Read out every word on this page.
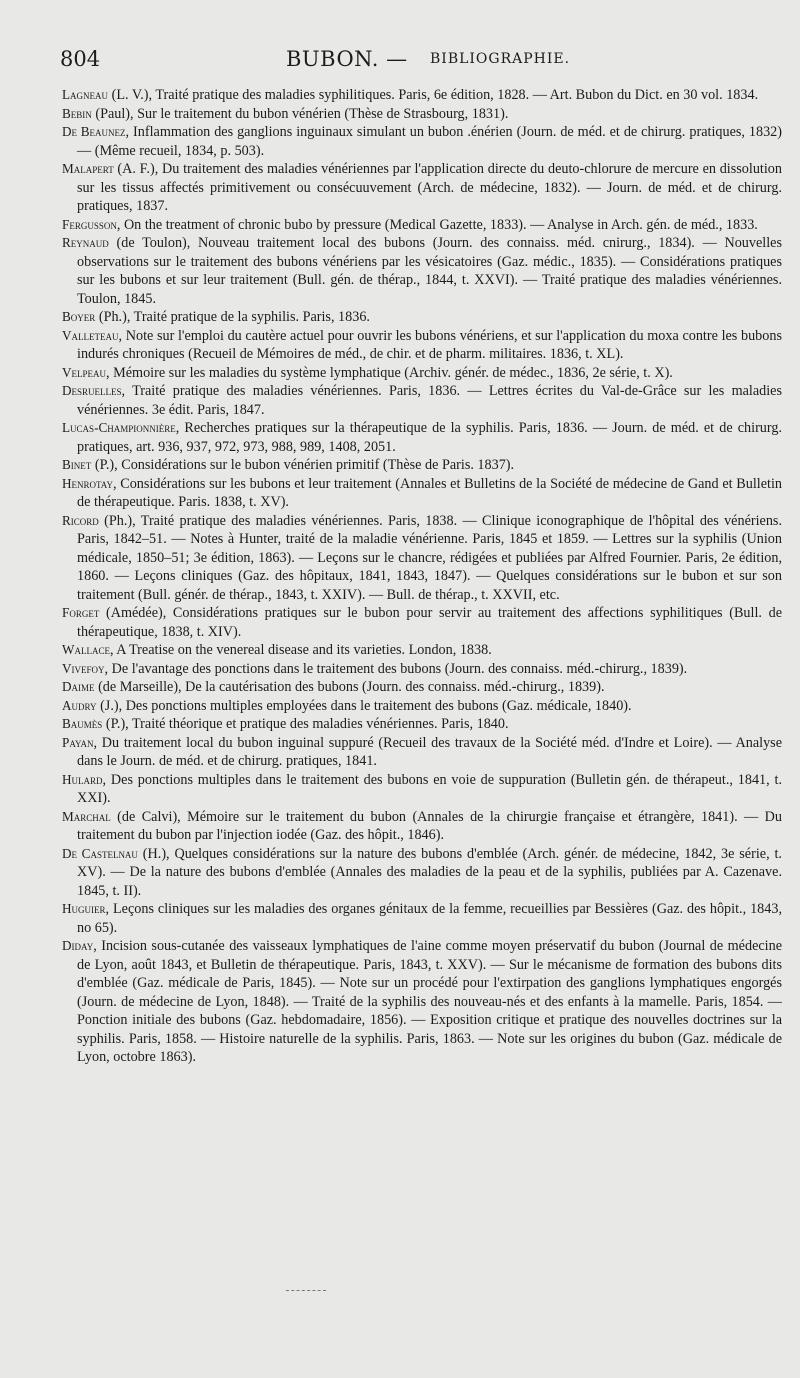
804	BUBON. — BIBLIOGRAPHIE.

Lagneau (L. V.), Traité pratique des maladies syphilitiques. Paris, 6e édition, 1828. — Art. Bubon du Dict. en 30 vol. 1834.

Bebin (Paul), Sur le traitement du bubon vénérien (Thèse de Strasbourg, 1831).

De Beaunez, Inflammation des ganglions inguinaux simulant un bubon .énérien (Journ. de méd. et de chirurg. pratiques, 1832) — (Même recueil, 1834, p. 503).

Malapert (A. F.), Du traitement des maladies vénériennes par l'application directe du deuto-chlorure de mercure en dissolution sur les tissus affectés primitivement ou consécuuvement (Arch. de médecine, 1832). — Journ. de méd. et de chirurg. pratiques, 1837.

Fergusson, On the treatment of chronic bubo by pressure (Medical Gazette, 1833). — Analyse in Arch. gén. de méd., 1833.

Reynaud (de Toulon), Nouveau traitement local des bubons (Journ. des connaiss. méd. cnirurg., 1834). — Nouvelles observations sur le traitement des bubons vénériens par les vésicatoires (Gaz. médic., 1835). — Considérations pratiques sur les bubons et sur leur traitement (Bull. gén. de thérap., 1844, t. XXVI). — Traité pratique des maladies vénériennes. Toulon, 1845.

Boyer (Ph.), Traité pratique de la syphilis. Paris, 1836.

Valleteau, Note sur l'emploi du cautère actuel pour ouvrir les bubons vénériens, et sur l'application du moxa contre les bubons indurés chroniques (Recueil de Mémoires de méd., de chir. et de pharm. militaires. 1836, t. XL).

Velpeau, Mémoire sur les maladies du système lymphatique (Archiv. génér. de médec., 1836, 2e série, t. X).

Desruelles, Traité pratique des maladies vénériennes. Paris, 1836. — Lettres écrites du Val-de-Grâce sur les maladies vénériennes. 3e édit. Paris, 1847.

Lucas-Championnière, Recherches pratiques sur la thérapeutique de la syphilis. Paris, 1836. — Journ. de méd. et de chirurg. pratiques, art. 936, 937, 972, 973, 988, 989, 1408, 2051.

Binet (P.), Considérations sur le bubon vénérien primitif (Thèse de Paris. 1837).

Henrotay, Considérations sur les bubons et leur traitement (Annales et Bulletins de la Société de médecine de Gand et Bulletin de thérapeutique. Paris. 1838, t. XV).

Ricord (Ph.), Traité pratique des maladies vénériennes. Paris, 1838. — Clinique iconographique de l'hôpital des vénériens. Paris, 1842–51. — Notes à Hunter, traité de la maladie vénérienne. Paris, 1845 et 1859. — Lettres sur la syphilis (Union médicale, 1850–51; 3e édition, 1863). — Leçons sur le chancre, rédigées et publiées par Alfred Fournier. Paris, 2e édition, 1860. — Leçons cliniques (Gaz. des hôpitaux, 1841, 1843, 1847). — Quelques considérations sur le bubon et sur son traitement (Bull. génér. de thérap., 1843, t. XXIV). — Bull. de thérap., t. XXVII, etc.

Forget (Amédée), Considérations pratiques sur le bubon pour servir au traitement des affections syphilitiques (Bull. de thérapeutique, 1838, t. XIV).

Wallace, A Treatise on the venereal disease and its varieties. London, 1838.

Vivefoy, De l'avantage des ponctions dans le traitement des bubons (Journ. des connaiss. méd.-chirurg., 1839).

Daime (de Marseille), De la cautérisation des bubons (Journ. des connaiss. méd.-chirurg., 1839).

Audry (J.), Des ponctions multiples employées dans le traitement des bubons (Gaz. médicale, 1840).

Baumès (P.), Traité théorique et pratique des maladies vénériennes. Paris, 1840.

Payan, Du traitement local du bubon inguinal suppuré (Recueil des travaux de la Société méd. d'Indre et Loire). — Analyse dans le Journ. de méd. et de chirurg. pratiques, 1841.

Hulard, Des ponctions multiples dans le traitement des bubons en voie de suppuration (Bulletin gén. de thérapeut., 1841, t. XXI).

Marchal (de Calvi), Mémoire sur le traitement du bubon (Annales de la chirurgie française et étrangère, 1841). — Du traitement du bubon par l'injection iodée (Gaz. des hôpit., 1846).

De Castelnau (H.), Quelques considérations sur la nature des bubons d'emblée (Arch. génér. de médecine, 1842, 3e série, t. XV). — De la nature des bubons d'emblée (Annales des maladies de la peau et de la syphilis, publiées par A. Cazenave. 1845, t. II).

Huguier, Leçons cliniques sur les maladies des organes génitaux de la femme, recueillies par Bessières (Gaz. des hôpit., 1843, no 65).

Diday, Incision sous-cutanée des vaisseaux lymphatiques de l'aine comme moyen préservatif du bubon (Journal de médecine de Lyon, août 1843, et Bulletin de thérapeutique. Paris, 1843, t. XXV). — Sur le mécanisme de formation des bubons dits d'emblée (Gaz. médicale de Paris, 1845). — Note sur un procédé pour l'extirpation des ganglions lymphatiques engorgés (Journ. de médecine de Lyon, 1848). — Traité de la syphilis des nouveau-nés et des enfants à la mamelle. Paris, 1854. — Ponction initiale des bubons (Gaz. hebdomadaire, 1856). — Exposition critique et pratique des nouvelles doctrines sur la syphilis. Paris, 1858. — Histoire naturelle de la syphilis. Paris, 1863. — Note sur les origines du bubon (Gaz. médicale de Lyon, octobre 1863).
